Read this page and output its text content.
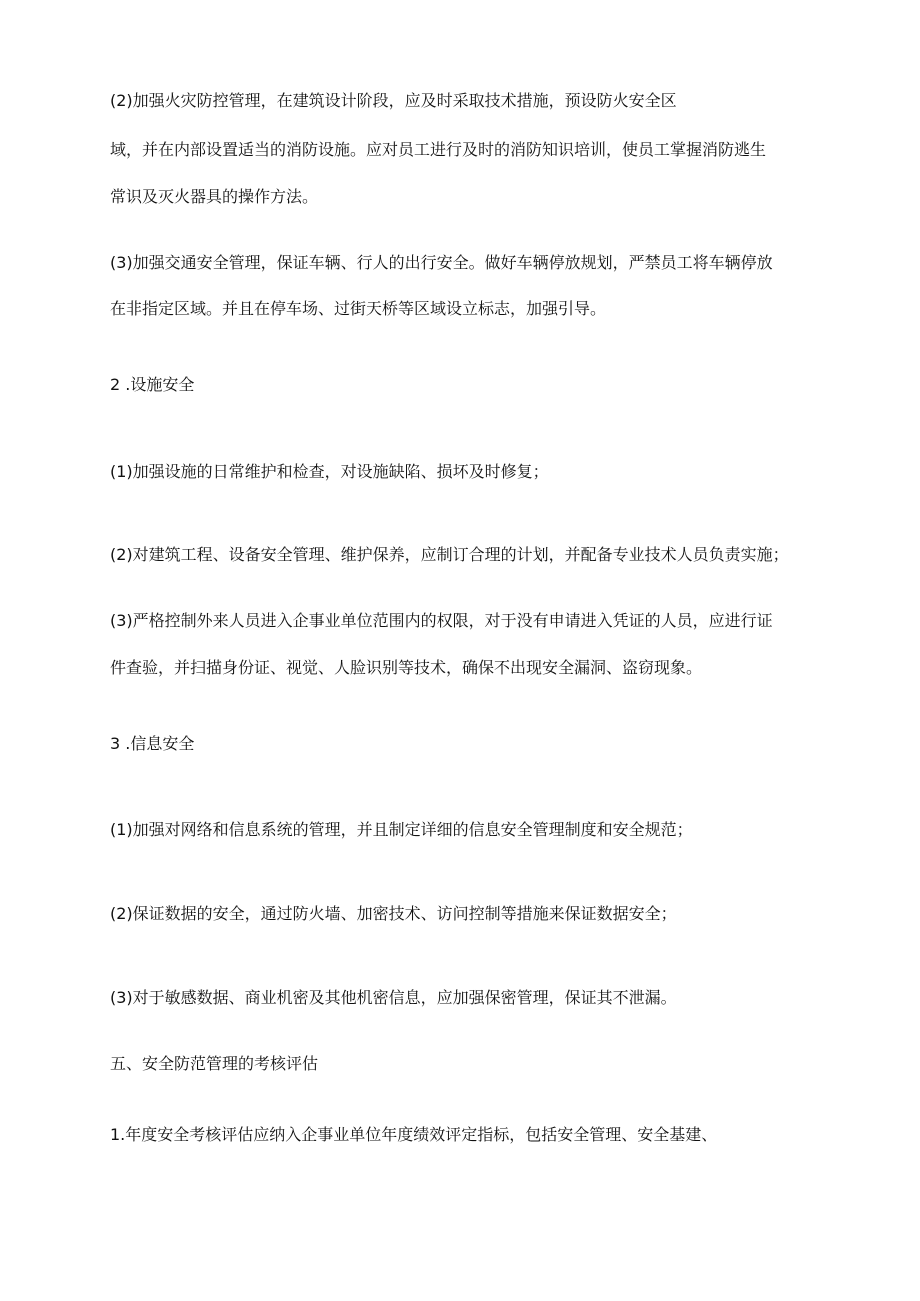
(2)加强火灾防控管理，在建筑设计阶段，应及时采取技术措施，预设防火安全区
域，并在内部设置适当的消防设施。应对员工进行及时的消防知识培训，使员工掌握消防逃生
常识及灭火器具的操作方法。
(3)加强交通安全管理，保证车辆、行人的出行安全。做好车辆停放规划，严禁员工将车辆停放
在非指定区域。并且在停车场、过街天桥等区域设立标志，加强引导。
2 .设施安全
(1)加强设施的日常维护和检查，对设施缺陷、损坏及时修复；
(2)对建筑工程、设备安全管理、维护保养，应制订合理的计划，并配备专业技术人员负责实施；
(3)严格控制外来人员进入企事业单位范围内的权限，对于没有申请进入凭证的人员，应进行证
件查验，并扫描身份证、视觉、人脸识别等技术，确保不出现安全漏洞、盗窃现象。
3 .信息安全
(1)加强对网络和信息系统的管理，并且制定详细的信息安全管理制度和安全规范；
(2)保证数据的安全，通过防火墙、加密技术、访问控制等措施来保证数据安全；
(3)对于敏感数据、商业机密及其他机密信息，应加强保密管理，保证其不泄漏。
五、安全防范管理的考核评估
1.年度安全考核评估应纳入企事业单位年度绩效评定指标，包括安全管理、安全基建、
